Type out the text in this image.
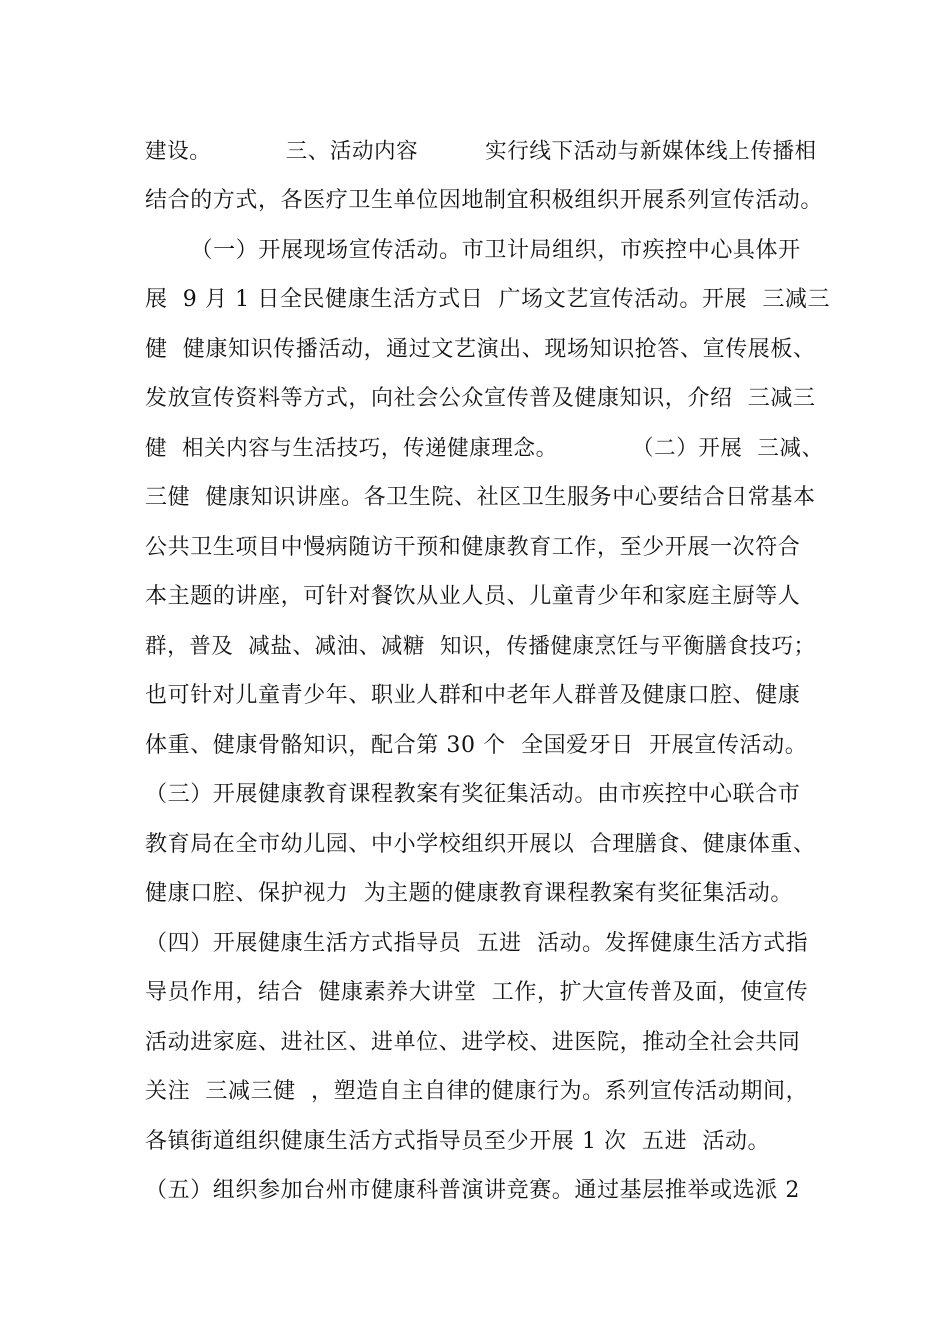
建设。          三、活动内容         实行线下活动与新媒体线上传播相
结合的方式，各医疗卫生单位因地制宜积极组织开展系列宣传活动。
（一）开展现场宣传活动。市卫计局组织，市疾控中心具体开
展  9 月 1 日全民健康生活方式日  广场文艺宣传活动。开展  三减三
健  健康知识传播活动，通过文艺演出、现场知识抢答、宣传展板、
发放宣传资料等方式，向社会公众宣传普及健康知识，介绍  三减三
健  相关内容与生活技巧，传递健康理念。          （二）开展  三减、
三健  健康知识讲座。各卫生院、社区卫生服务中心要结合日常基本
公共卫生项目中慢病随访干预和健康教育工作，至少开展一次符合
本主题的讲座，可针对餐饮从业人员、儿童青少年和家庭主厨等人
群，普及  减盐、减油、减糖  知识，传播健康烹饪与平衡膳食技巧；
也可针对儿童青少年、职业人群和中老年人群普及健康口腔、健康
体重、健康骨骼知识，配合第 30 个  全国爱牙日  开展宣传活动。
（三）开展健康教育课程教案有奖征集活动。由市疾控中心联合市
教育局在全市幼儿园、中小学校组织开展以  合理膳食、健康体重、
健康口腔、保护视力  为主题的健康教育课程教案有奖征集活动。
（四）开展健康生活方式指导员  五进  活动。发挥健康生活方式指
导员作用，结合  健康素养大讲堂  工作，扩大宣传普及面，使宣传
活动进家庭、进社区、进单位、进学校、进医院，推动全社会共同
关注  三减三健  ，塑造自主自律的健康行为。系列宣传活动期间，
各镇街道组织健康生活方式指导员至少开展 1 次  五进  活动。
（五）组织参加台州市健康科普演讲竞赛。通过基层推举或选派 2
